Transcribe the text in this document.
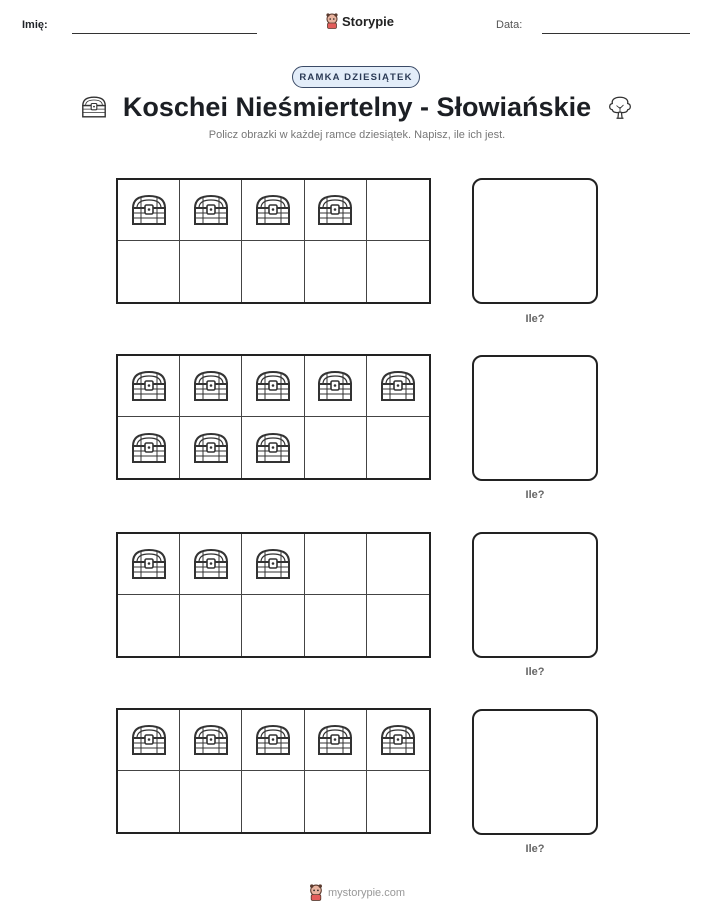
Imię:	Storypie	Data:
RAMKA DZIESIĄTEK
Koschei Nieśmiertelny - Słowiańskie
Policz obrazki w każdej ramce dziesiątek. Napisz, ile ich jest.
Ile?
Ile?
Ile?
Ile?
mystorypie.com
